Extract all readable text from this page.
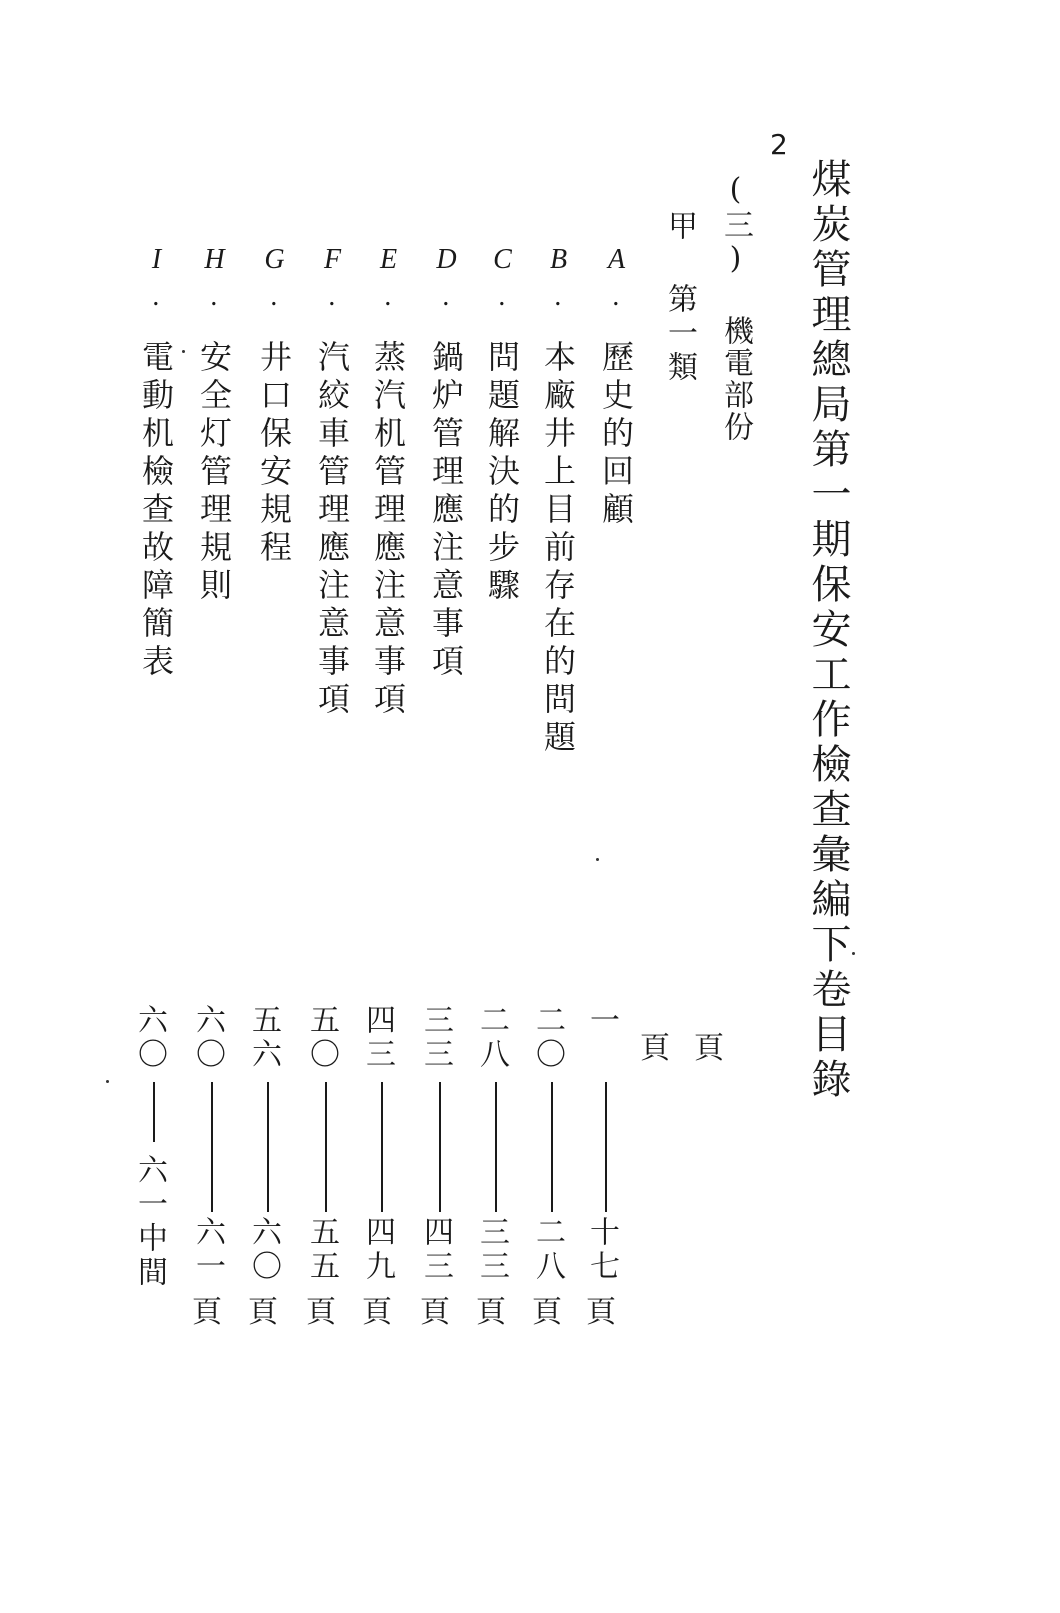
2
煤炭管理總局第一期保安工作檢查彙編下卷目錄
(三) 機電部份
甲 第一類
A.歷史的回顧
B.本廠井上目前存在的問題
C.問題解決的步驟
D.鍋炉管理應注意事項
E.蒸汽机管理應注意事項
F.汽絞車管理應注意事項
G.井口保安規程
H.安全灯管理規則
I.電動机檢查故障簡表
頁
頁
一
十七
頁
二〇
二八
頁
二八
三三
頁
三三
四三
頁
四三
四九
頁
五〇
五五
頁
五六
六〇
頁
六〇
六一
頁
六〇
六一中間
